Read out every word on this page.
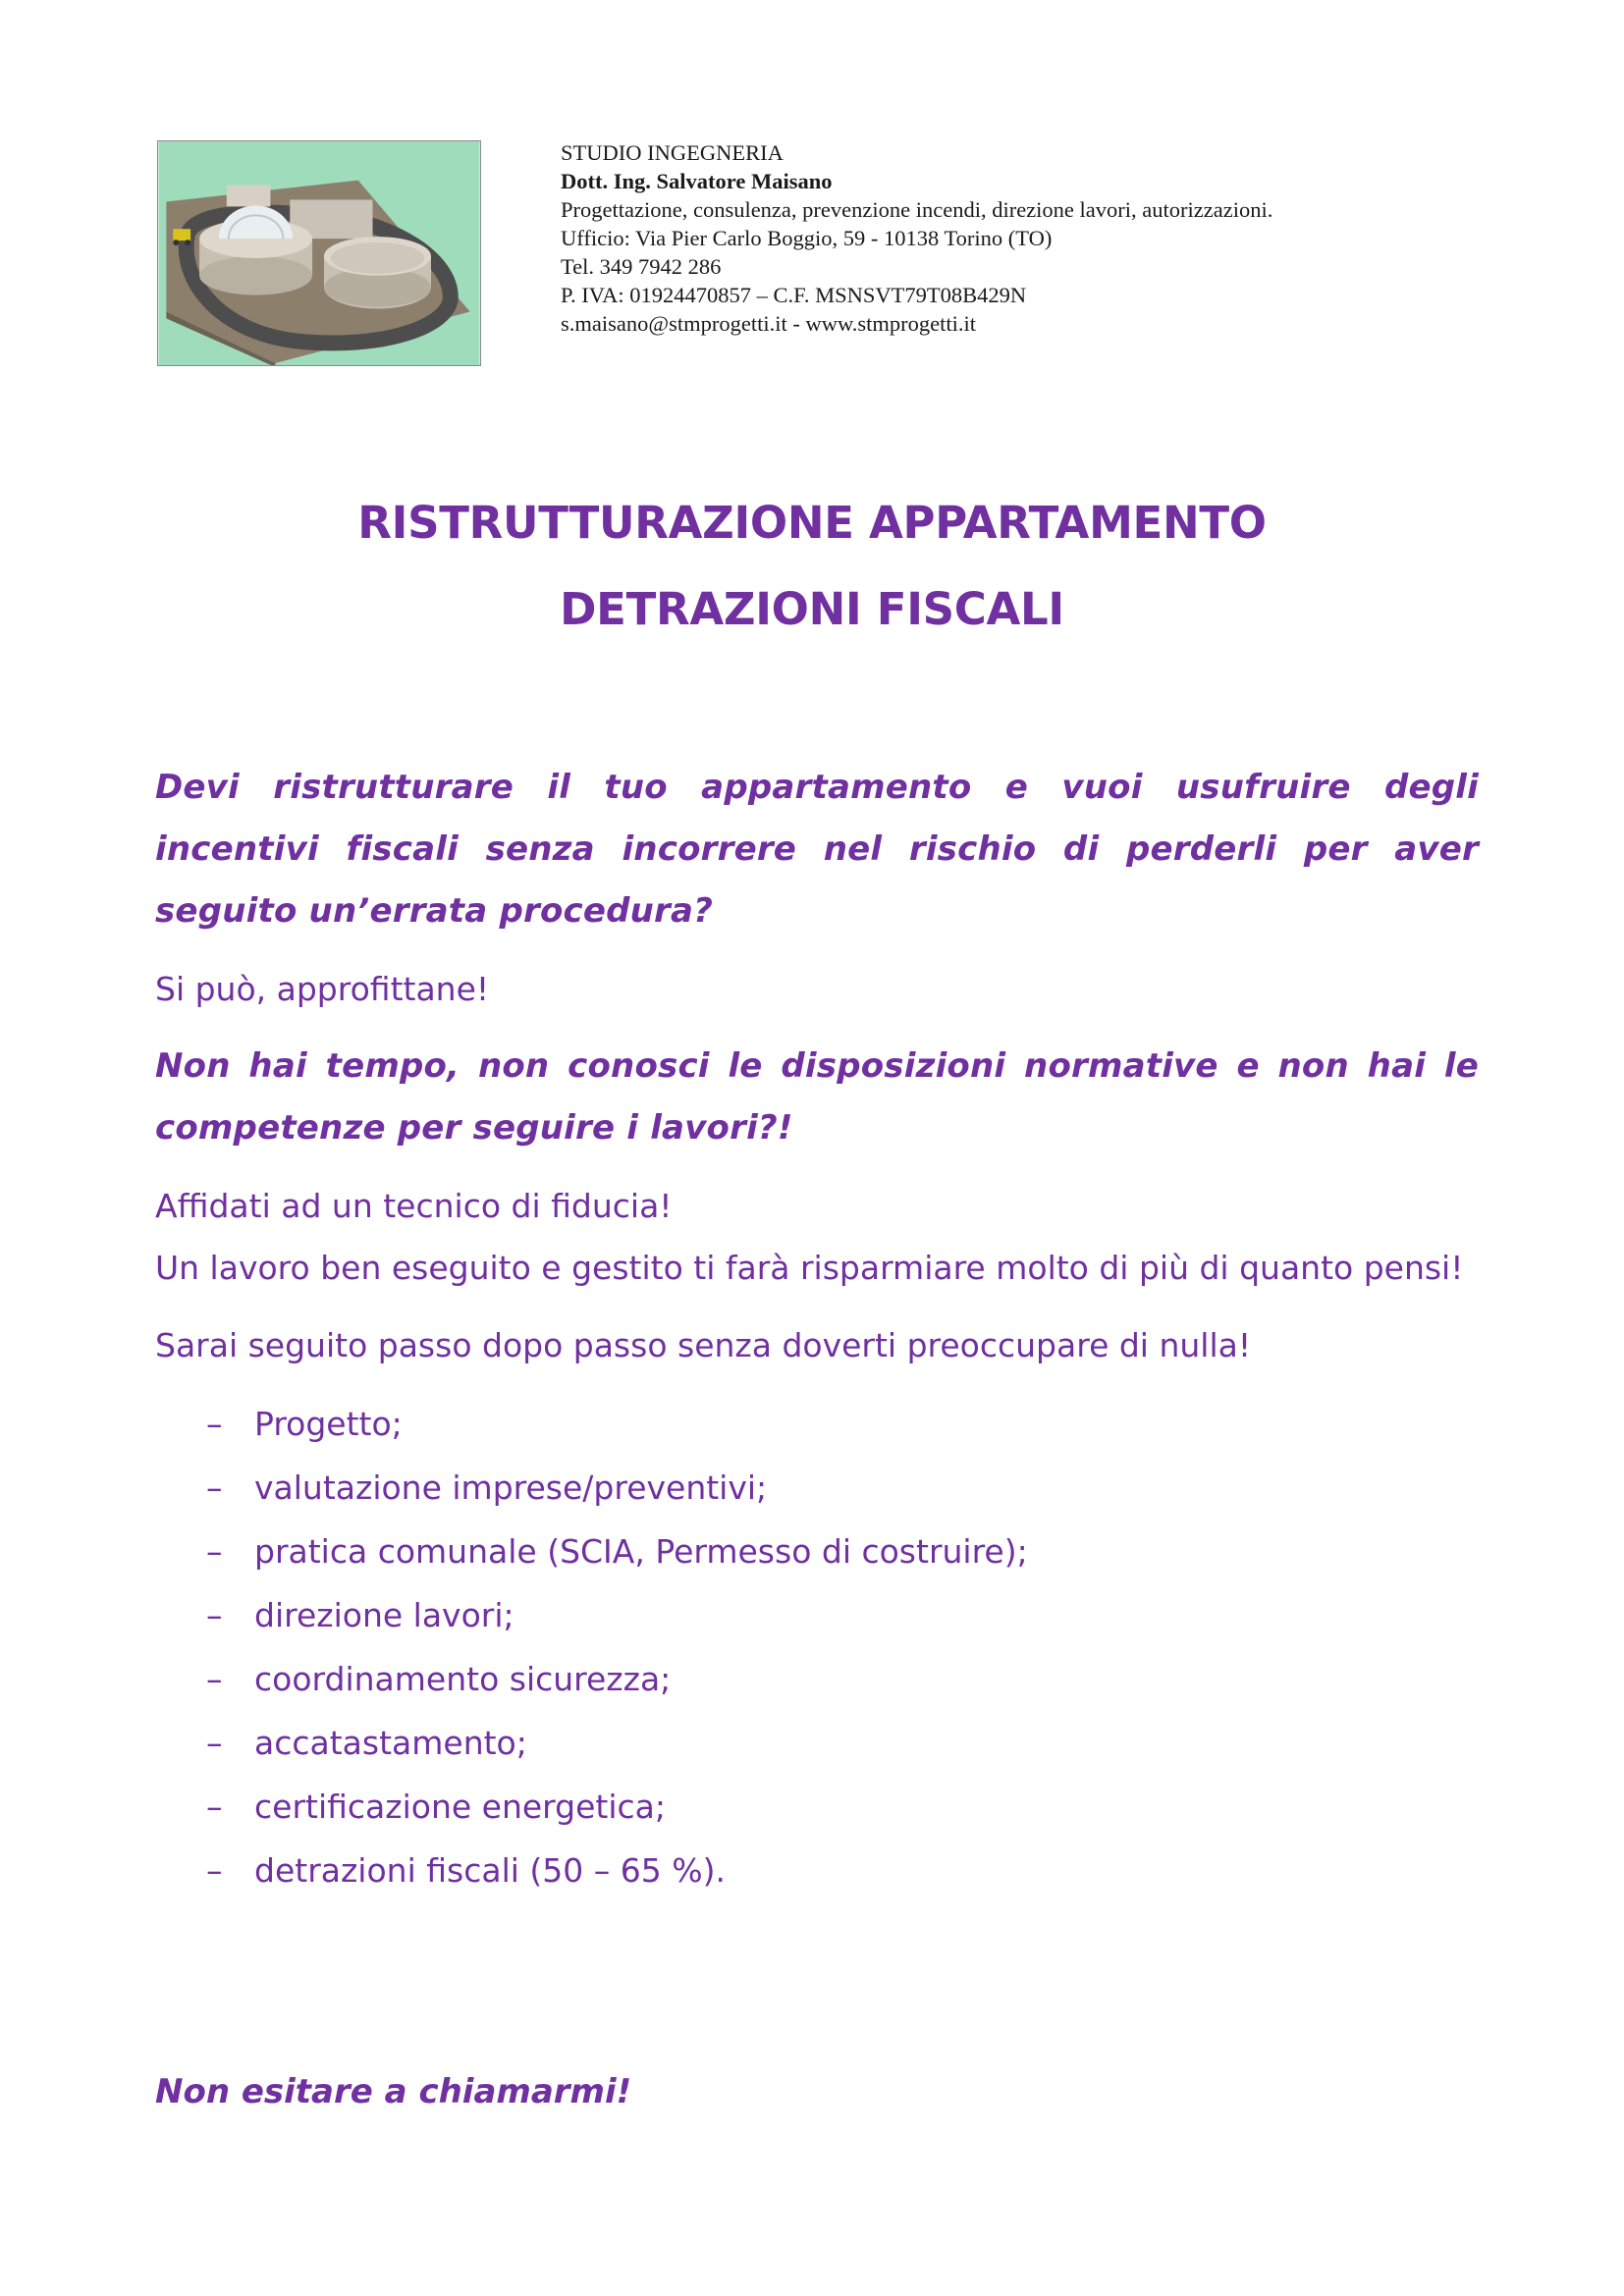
STUDIO INGEGNERIA
Dott. Ing. Salvatore Maisano
Progettazione, consulenza, prevenzione incendi, direzione lavori, autorizzazioni.
Ufficio: Via Pier Carlo Boggio, 59 - 10138 Torino (TO)
Tel. 349 7942 286
P. IVA: 01924470857 – C.F. MSNSVT79T08B429N
s.maisano@stmprogetti.it - www.stmprogetti.it
RISTRUTTURAZIONE APPARTAMENTO
DETRAZIONI FISCALI

Devi ristrutturare il tuo appartamento e vuoi usufruire degli incentivi fiscali senza incorrere nel rischio di perderli per aver seguito un’errata procedura?

Si può, approfittane!

Non hai tempo, non conosci le disposizioni normative e non hai le competenze per seguire i lavori?!

Affidati ad un tecnico di fiducia!

Un lavoro ben eseguito e gestito ti farà risparmiare molto di più di quanto pensi!

Sarai seguito passo dopo passo senza doverti preoccupare di nulla!

– Progetto;
– valutazione imprese/preventivi;
– pratica comunale (SCIA, Permesso di costruire);
– direzione lavori;
– coordinamento sicurezza;
– accatastamento;
– certificazione energetica;
– detrazioni fiscali (50 – 65 %).
Non esitare a chiamarmi!
